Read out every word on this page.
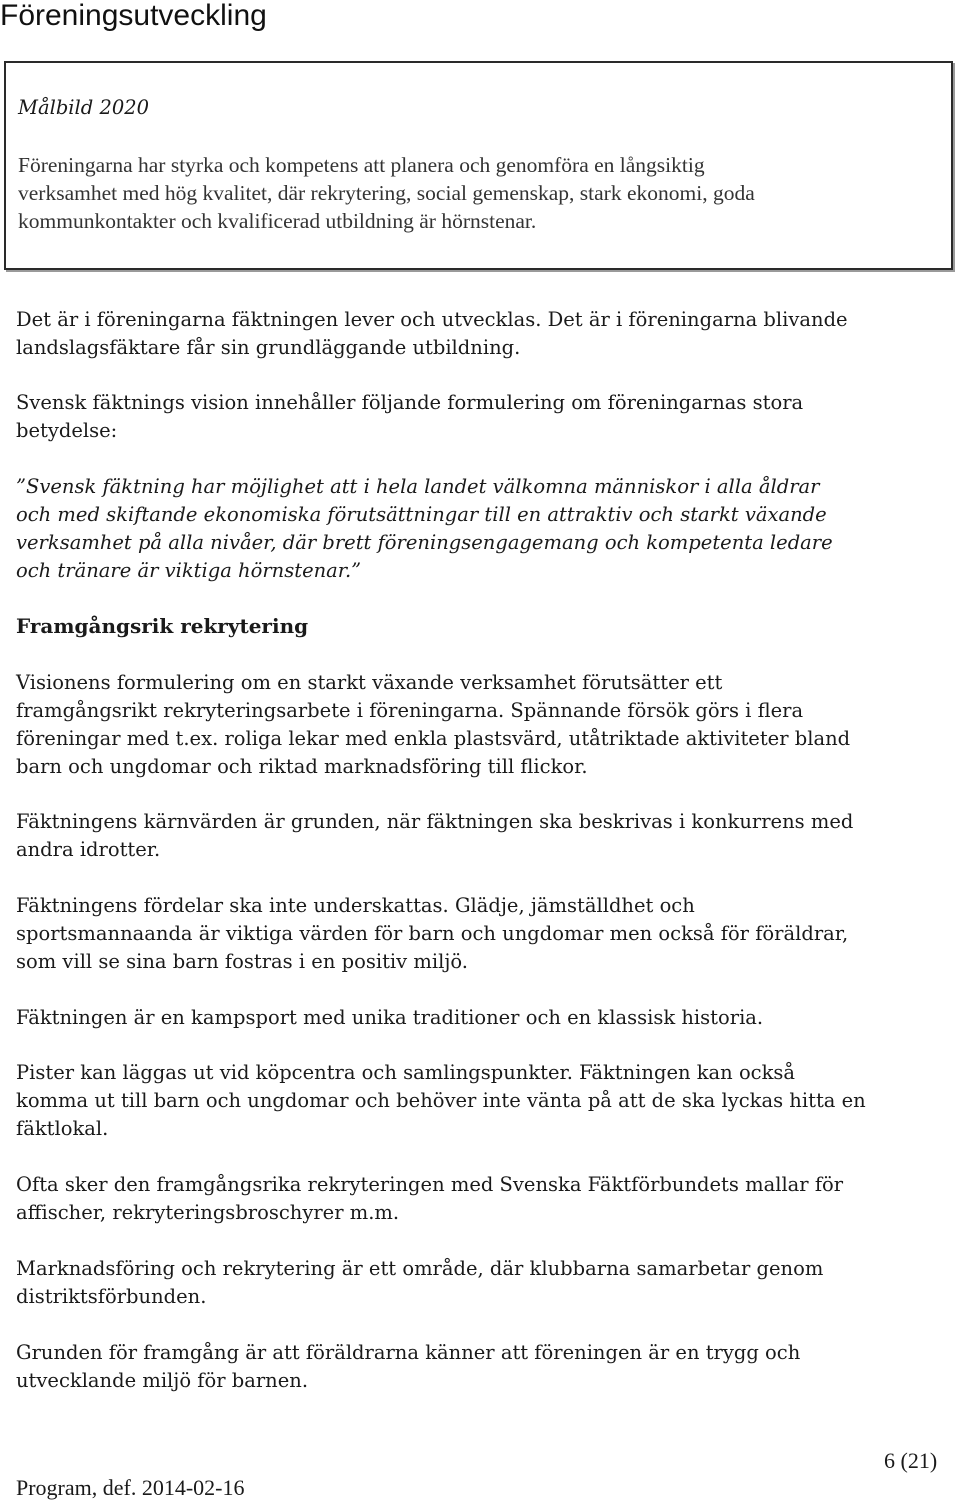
Föreningsutveckling
Målbild 2020
Föreningarna har styrka och kompetens att planera och genomföra en långsiktig
verksamhet med hög kvalitet, där rekrytering, social gemenskap, stark ekonomi, goda
kommunkontakter och kvalificerad utbildning är hörnstenar.
Det är i föreningarna fäktningen lever och utvecklas. Det är i föreningarna blivande
landslagsfäktare får sin grundläggande utbildning.
Svensk fäktnings vision innehåller följande formulering om föreningarnas stora
betydelse:
”Svensk fäktning har möjlighet att i hela landet välkomna människor i alla åldrar
och med skiftande ekonomiska förutsättningar till en attraktiv och starkt växande
verksamhet på alla nivåer, där brett föreningsengagemang och kompetenta ledare
och tränare är viktiga hörnstenar.”
Framgångsrik rekrytering
Visionens formulering om en starkt växande verksamhet förutsätter ett
framgångsrikt rekryteringsarbete i föreningarna. Spännande försök görs i flera
föreningar med t.ex. roliga lekar med enkla plastsvärd, utåtriktade aktiviteter bland
barn och ungdomar och riktad marknadsföring till flickor.
Fäktningens kärnvärden är grunden, när fäktningen ska beskrivas i konkurrens med
andra idrotter.
Fäktningens fördelar ska inte underskattas. Glädje, jämställdhet och
sportsmannaanda är viktiga värden för barn och ungdomar men också för föräldrar,
som vill se sina barn fostras i en positiv miljö.
Fäktningen är en kampsport med unika traditioner och en klassisk historia.
Pister kan läggas ut vid köpcentra och samlingspunkter. Fäktningen kan också
komma ut till barn och ungdomar och behöver inte vänta på att de ska lyckas hitta en
fäktlokal.
Ofta sker den framgångsrika rekryteringen med Svenska Fäktförbundets mallar för
affischer, rekryteringsbroschyrer m.m.
Marknadsföring och rekrytering är ett område, där klubbarna samarbetar genom
distriktsförbunden.
Grunden för framgång är att föräldrarna känner att föreningen är en trygg och
utvecklande miljö för barnen.
6 (21)
Program, def. 2014-02-16
